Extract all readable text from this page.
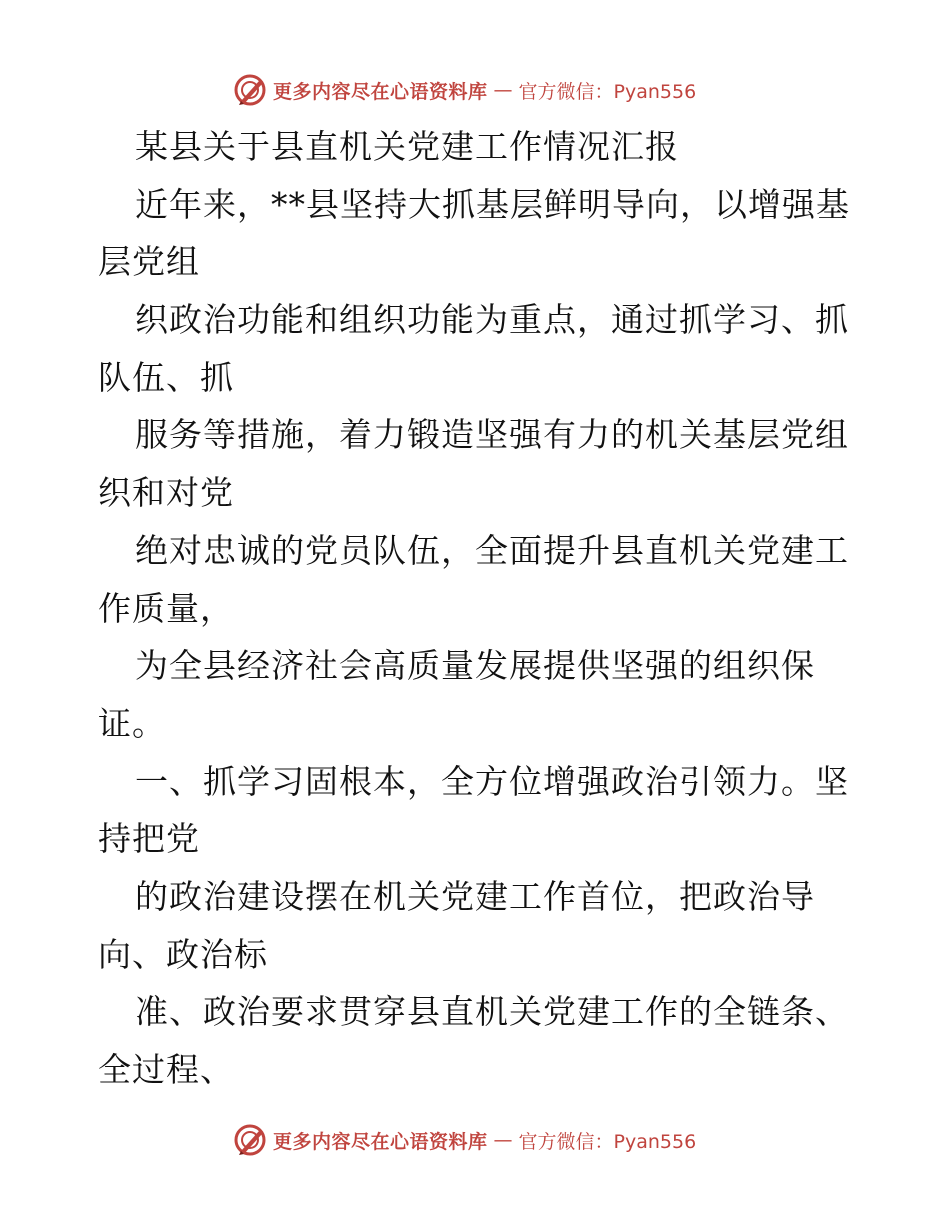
更多内容尽在心语资料库 — 官方微信：Pyan556
某县关于县直机关党建工作情况汇报
近年来，**县坚持大抓基层鲜明导向，以增强基
层党组
织政治功能和组织功能为重点，通过抓学习、抓
队伍、抓
服务等措施，着力锻造坚强有力的机关基层党组
织和对党
绝对忠诚的党员队伍，全面提升县直机关党建工
作质量，
为全县经济社会高质量发展提供坚强的组织保
证。
一、抓学习固根本，全方位增强政治引领力。坚
持把党
的政治建设摆在机关党建工作首位，把政治导
向、政治标
准、政治要求贯穿县直机关党建工作的全链条、
全过程、
更多内容尽在心语资料库 — 官方微信：Pyan556
